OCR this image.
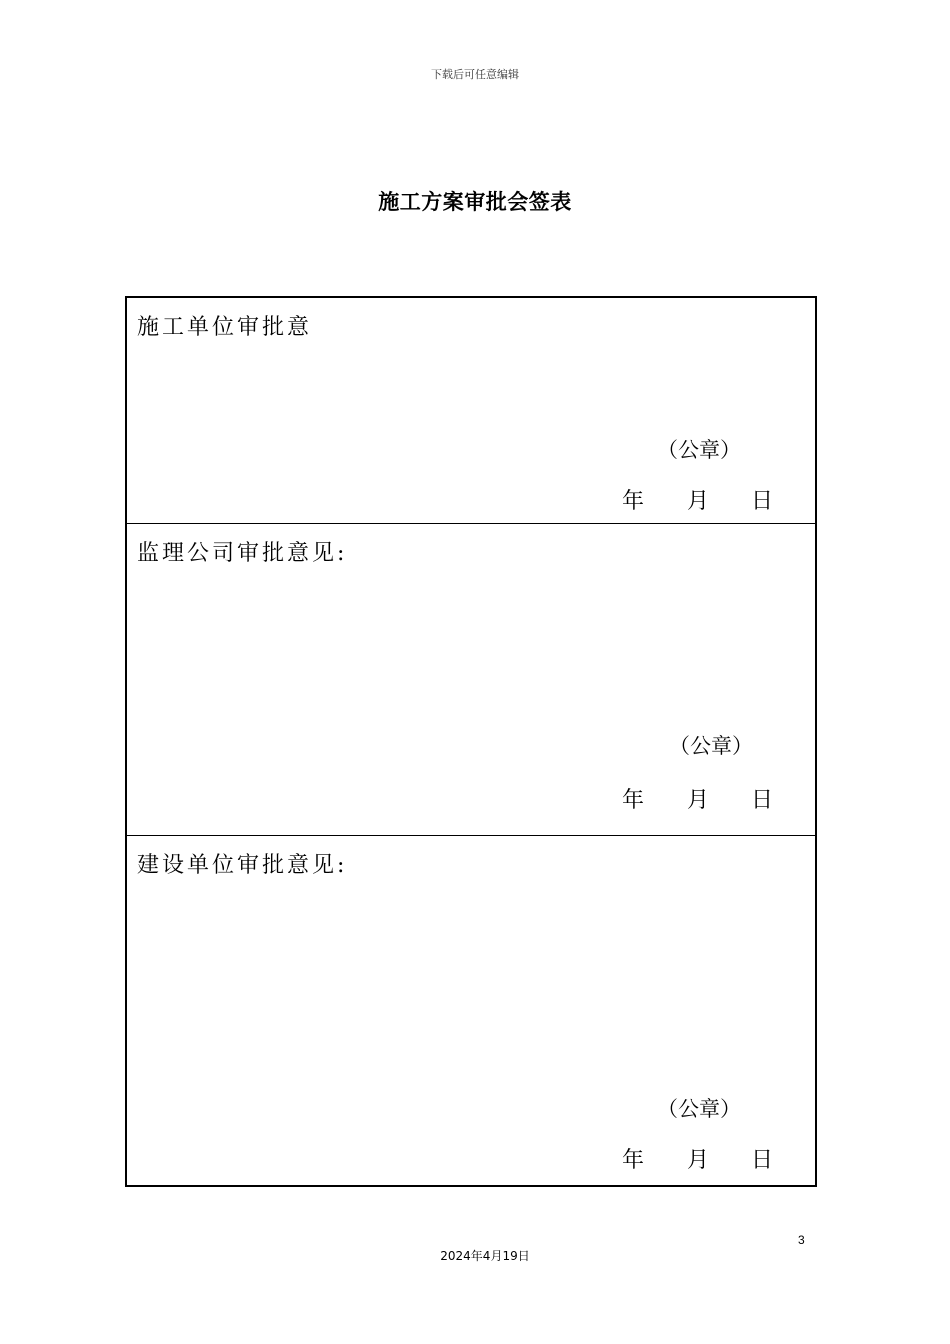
下载后可任意编辑
施工方案审批会签表
施工单位审批意
（公章）
年 月 日
监理公司审批意见:
（公章）
年 月 日
建设单位审批意见:
（公章）
年 月 日
3
2024年4月19日
